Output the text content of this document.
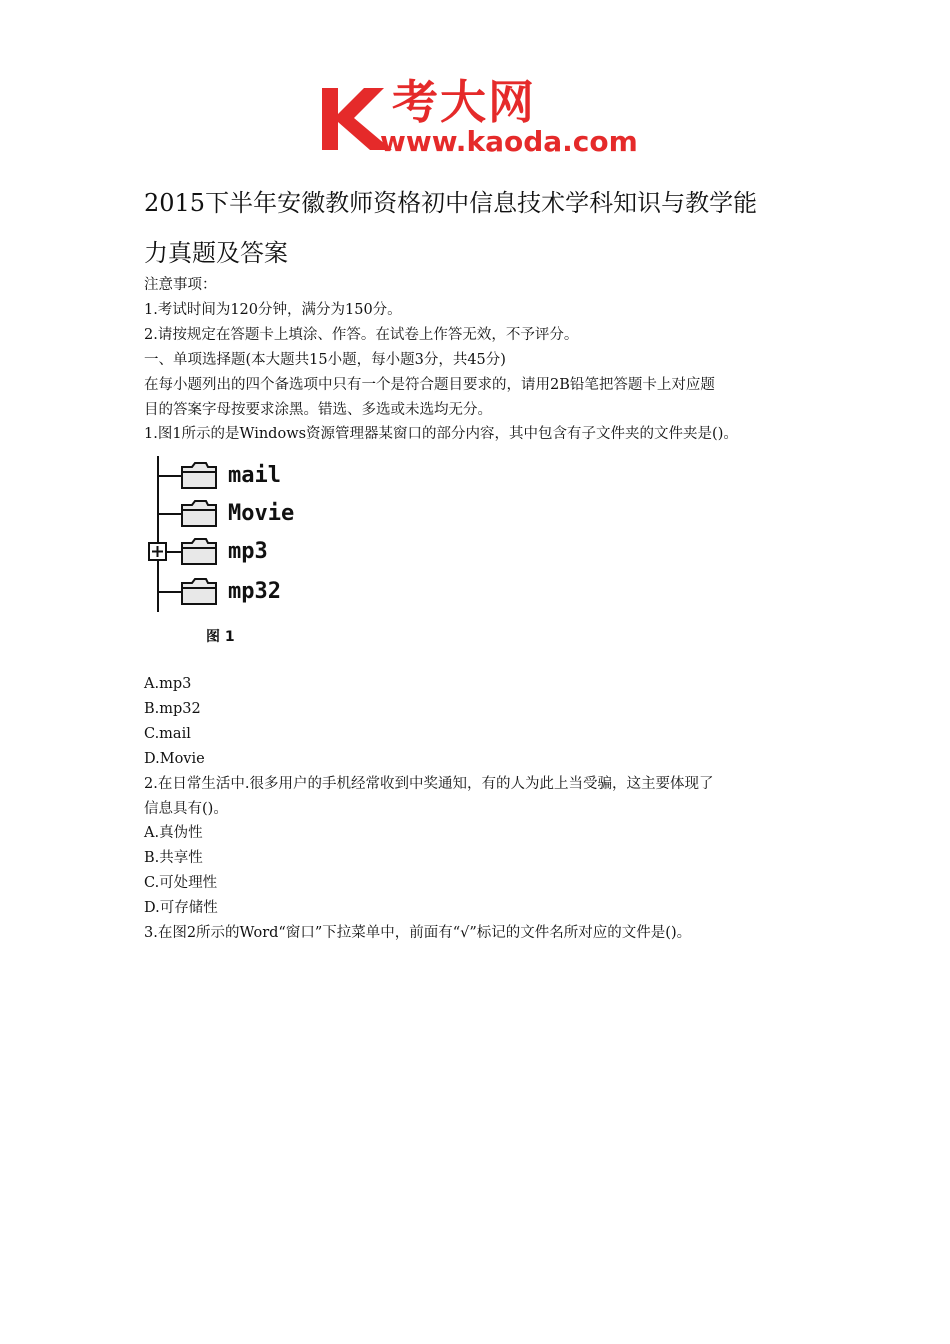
考大网
www.kaoda.com
2015下半年安徽教师资格初中信息技术学科知识与教学能
力真题及答案

注意事项：

1.考试时间为120分钟，满分为150分。

2.请按规定在答题卡上填涂、作答。在试卷上作答无效，不予评分。

一、单项选择题(本大题共15小题，每小题3分，共45分)

在每小题列出的四个备选项中只有一个是符合题目要求的，请用2B铅笔把答题卡上对应题

目的答案字母按要求涂黑。错选、多选或未选均无分。

1.图1所示的是Windows资源管理器某窗口的部分内容，其中包含有子文件夹的文件夹是()。

mail
Movie
mp3
mp32
图 1

A.mp3

B.mp32

C.mail

D.Movie

2.在日常生活中.很多用户的手机经常收到中奖通知，有的人为此上当受骗，这主要体现了

信息具有()。

A.真伪性

B.共享性

C.可处理性

D.可存储性

3.在图2所示的Word“窗口”下拉菜单中，前面有“√”标记的文件名所对应的文件是()。
